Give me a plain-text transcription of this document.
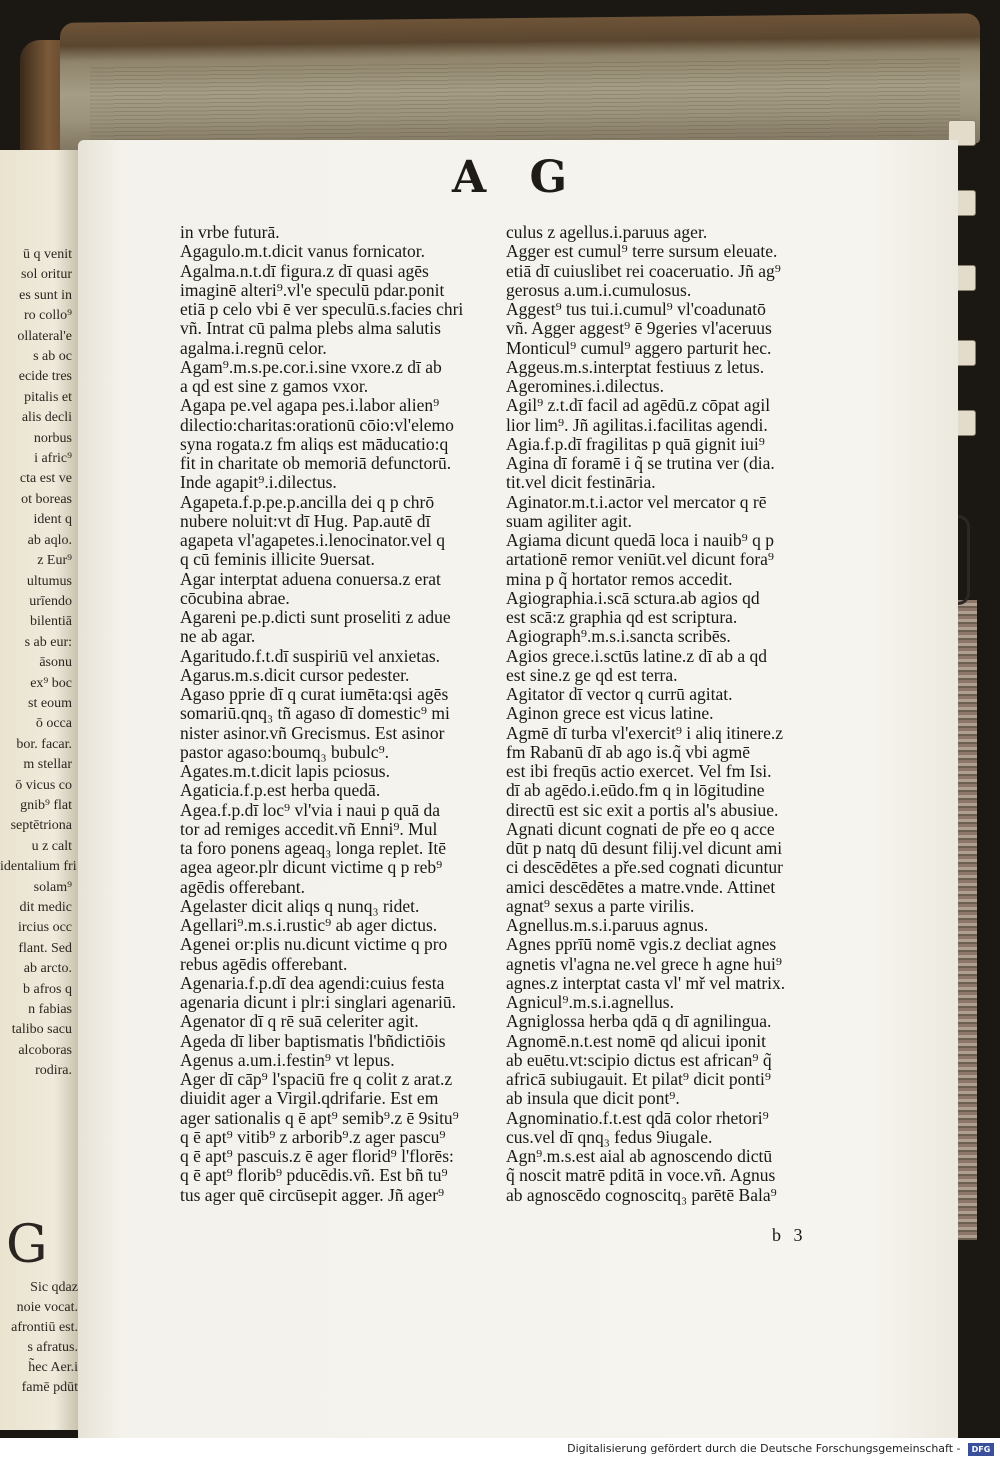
ū q venit
sol oritur
es sunt in
ro collo⁹
ollateral'e
s ab oc
ecide tres
pitalis et
alis decli
norbus
i afric⁹
cta est ve
ot boreas
ident q
ab aqlo.
z Eur⁹
ultumus
urīendo
bilentiā
s ab eur:
āsonu
ex⁹ boc
st eoum
ō occa
bor. facar.
m stellar
ō vicus co
gnib⁹ flat
septētriona
u z calt
identalium fri
solam⁹
dit medic
ircius occ
flant. Sed
ab arcto.
b afros q
n fabias
talibo sacu
alcoboras
rodira.
G
Sic qdaz
noie vocat.
afrontiū est.
s afratus.
h̃ec Aer.i
famē pdūt
A G
in vrbe futurā.
Agagulo.m.t.dicit vanus fornicator.
Agalma.n.t.dī figura.z dī quasi agēs
imaginē alteri⁹.vl'e speculū pdar.ponit
etiā p celo vbi ē ver speculū.s.facies chri
vñ. Intrat cū palma plebs alma salutis
agalma.i.regnū celor.
Agam⁹.m.s.pe.cor.i.sine vxore.z dī ab
a qd est sine z gamos vxor.
Agapa pe.vel agapa pes.i.labor alien⁹
dilectio:charitas:orationū cōio:vl'elemo
syna rogata.z fm aliqs est māducatio:q
fit in charitate ob memoriā defunctorū.
Inde agapit⁹.i.dilectus.
Agapeta.f.p.pe.p.ancilla dei q p chrō
nubere noluit:vt dī Hug. Pap.autē dī
agapeta vl'agapetes.i.lenocinator.vel q
q cū feminis illicite 9uersat.
Agar interptat aduena conuersa.z erat
cōcubina abrae.
Agareni pe.p.dicti sunt proseliti z adue
ne ab agar.
Agaritudo.f.t.dī suspiriū vel anxietas.
Agarus.m.s.dicit cursor pedester.
Agaso pprie dī q curat iumēta:qsi agēs
somariū.qnq₃ tñ agaso dī domestic⁹ mi
nister asinor.vñ Grecismus. Est asinor
pastor agaso:boumq₃ bubulc⁹.
Agates.m.t.dicit lapis pciosus.
Agaticia.f.p.est herba quedā.
Agea.f.p.dī loc⁹ vl'via i naui p quā da
tor ad remiges accedit.vñ Enni⁹. Mul
ta foro ponens ageaq₃ longa replet. Itē
agea ageor.plr dicunt victime q p reb⁹
agēdis offerebant.
Agelaster dicit aliqs q nunq₃ ridet.
Agellari⁹.m.s.i.rustic⁹ ab ager dictus.
Agenei or:plis nu.dicunt victime q pro
rebus agēdis offerebant.
Agenaria.f.p.dī dea agendi:cuius festa
agenaria dicunt i plr:i singlari agenariū.
Agenator dī q rē suā celeriter agit.
Ageda dī liber baptismatis l'bñdictiōis
Agenus a.um.i.festin⁹ vt lepus.
Ager dī cāp⁹ l'spaciū fre q colit z arat.z
diuidit ager a Virgil.qdrifarie. Est em
ager sationalis q ē apt⁹ semib⁹.z ē 9situ⁹
q ē apt⁹ vitib⁹ z arborib⁹.z ager pascu⁹
q ē apt⁹ pascuis.z ē ager florid⁹ l'florēs:
q ē apt⁹ florib⁹ pducēdis.vñ. Est bñ tu⁹
tus ager quē circūsepit agger. Jñ ager⁹
culus z agellus.i.paruus ager.
Agger est cumul⁹ terre sursum eleuate.
etiā dī cuiuslibet rei coaceruatio. Jñ ag⁹
gerosus a.um.i.cumulosus.
Aggest⁹ tus tui.i.cumul⁹ vl'coadunatō
vñ. Agger aggest⁹ ē 9geries vl'aceruus
Monticul⁹ cumul⁹ aggero parturit hec.
Aggeus.m.s.interptat festiuus z letus.
Ageromines.i.dilectus.
Agil⁹ z.t.dī facil ad agēdū.z cōpat agil
lior lim⁹. Jñ agilitas.i.facilitas agendi.
Agia.f.p.dī fragilitas p quā gignit iui⁹
Agina dī foramē i q̃ se trutina ver (dia.
tit.vel dicit festināria.
Aginator.m.t.i.actor vel mercator q rē
suam agiliter agit.
Agiama dicunt quedā loca i nauib⁹ q p
artationē remor veniūt.vel dicunt fora⁹
mina p q̃ hortator remos accedit.
Agiographia.i.scā sctura.ab agios qd
est scā:z graphia qd est scriptura.
Agiograph⁹.m.s.i.sancta scribēs.
Agios grece.i.sctūs latine.z dī ab a qd
est sine.z ge qd est terra.
Agitator dī vector q currū agitat.
Aginon grece est vicus latine.
Agmē dī turba vl'exercit⁹ i aliq itinere.z
fm Rabanū dī ab ago is.q̃ vbi agmē
est ibi freqūs actio exercet. Vel fm Isi.
dī ab agēdo.i.eūdo.fm q in lōgitudine
directū est sic exit a portis al's abusiue.
Agnati dicunt cognati de pře eo q acce
dūt p natq dū desunt filij.vel dicunt ami
ci descēdētes a pře.sed cognati dicuntur
amici descēdētes a matre.vnde. Attinet
agnat⁹ sexus a parte virilis.
Agnellus.m.s.i.paruus agnus.
Agnes pprīū nomē vgis.z decliat agnes
agnetis vl'agna ne.vel grece h agne hui⁹
agnes.z interptat casta vl' mř vel matrix.
Agnicul⁹.m.s.i.agnellus.
Agniglossa herba qdā q dī agnilingua.
Agnomē.n.t.est nomē qd alicui iponit
ab euētu.vt:scipio dictus est african⁹ q̃
africā subiugauit. Et pilat⁹ dicit ponti⁹
ab insula que dicit pont⁹.
Agnominatio.f.t.est qdā color rhetori⁹
cus.vel dī qnq₃ fedus 9iugale.
Agn⁹.m.s.est aial ab agnoscendo dictū
q̃ noscit matrē pditā in voce.vñ. Agnus
ab agnoscēdo cognoscitq₃ parētē Bala⁹
b 3
Digitalisierung gefördert durch die Deutsche Forschungsgemeinschaft - DFG
